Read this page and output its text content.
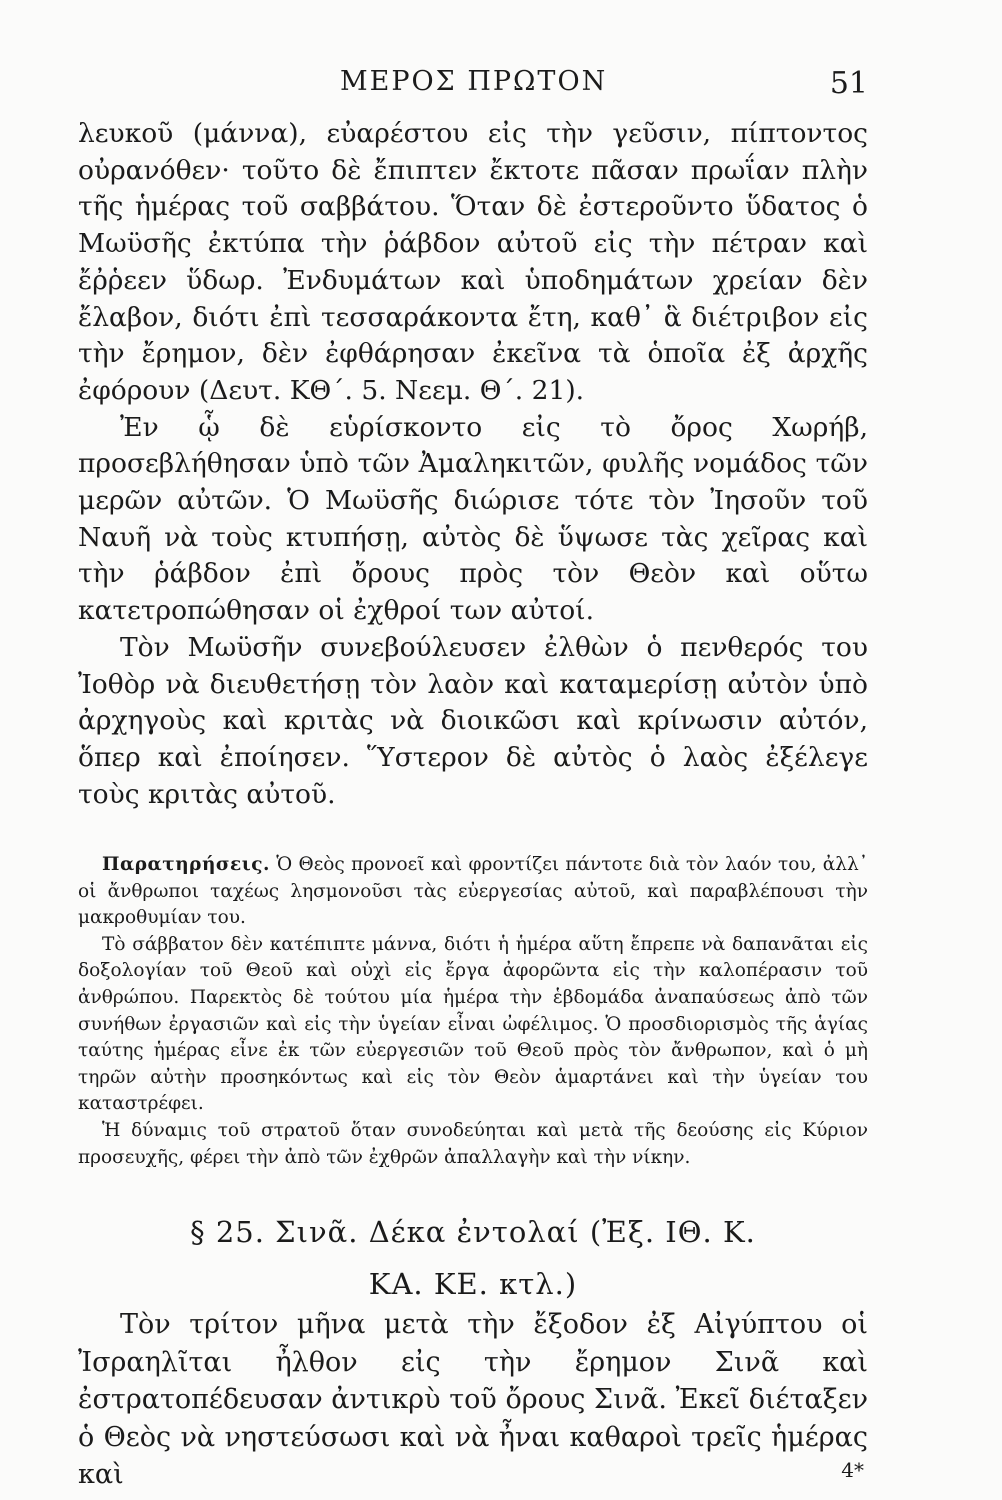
ΜΕΡΟΣ ΠΡΩΤΟΝ	51

λευκοῦ (μάννα), εὐαρέστου εἰς τὴν γεῦσιν, πίπτοντος οὐρανόθεν· τοῦτο δὲ ἔπιπτεν ἔκτοτε πᾶσαν πρωΐαν πλὴν τῆς ἡμέρας τοῦ σαββάτου. Ὅταν δὲ ἐστεροῦντο ὕδατος ὁ Μωϋσῆς ἐκτύπα τὴν ῥάβδον αὐτοῦ εἰς τὴν πέτραν καὶ ἔῤῥεεν ὕδωρ. Ἐνδυμάτων καὶ ὑποδημάτων χρείαν δὲν ἔλαβον, διότι ἐπὶ τεσσαράκοντα ἔτη, καθ᾽ ἃ διέτριβον εἰς τὴν ἔρημον, δὲν ἐφθάρησαν ἐκεῖνα τὰ ὁποῖα ἐξ ἀρχῆς ἐφόρουν (Δευτ. ΚΘ΄. 5. Νεεμ. Θ΄. 21).

Ἐν ᾧ δὲ εὑρίσκοντο εἰς τὸ ὄρος Χωρήβ, προσεβλήθησαν ὑπὸ τῶν Ἀμαληκιτῶν, φυλῆς νομάδος τῶν μερῶν αὐτῶν. Ὁ Μωϋσῆς διώρισε τότε τὸν Ἰησοῦν τοῦ Ναυῆ νὰ τοὺς κτυπήσῃ, αὐτὸς δὲ ὕψωσε τὰς χεῖρας καὶ τὴν ῥάβδον ἐπὶ ὄρους πρὸς τὸν Θεὸν καὶ οὕτω κατετροπώθησαν οἱ ἐχθροί των αὐτοί.

Τὸν Μωϋσῆν συνεβούλευσεν ἐλθὼν ὁ πενθερός του Ἰοθὸρ νὰ διευθετήσῃ τὸν λαὸν καὶ καταμερίσῃ αὐτὸν ὑπὸ ἀρχηγοὺς καὶ κριτὰς νὰ διοικῶσι καὶ κρίνωσιν αὐτόν, ὅπερ καὶ ἐποίησεν. Ὕστερον δὲ αὐτὸς ὁ λαὸς ἐξέλεγε τοὺς κριτὰς αὐτοῦ.

Παρατηρήσεις. Ὁ Θεὸς προνοεῖ καὶ φροντίζει πάντοτε διὰ τὸν λαόν του, ἀλλ᾽ οἱ ἄνθρωποι ταχέως λησμονοῦσι τὰς εὐεργεσίας αὐτοῦ, καὶ παραβλέπουσι τὴν μακροθυμίαν του.

Τὸ σάββατον δὲν κατέπιπτε μάννα, διότι ἡ ἡμέρα αὕτη ἔπρεπε νὰ δαπανᾶται εἰς δοξολογίαν τοῦ Θεοῦ καὶ οὐχὶ εἰς ἔργα ἀφορῶντα εἰς τὴν καλοπέρασιν τοῦ ἀνθρώπου. Παρεκτὸς δὲ τούτου μία ἡμέρα τὴν ἑβδομάδα ἀναπαύσεως ἀπὸ τῶν συνήθων ἐργασιῶν καὶ εἰς τὴν ὑγείαν εἶναι ὠφέλιμος. Ὁ προσδιορισμὸς τῆς ἁγίας ταύτης ἡμέρας εἶνε ἐκ τῶν εὐεργεσιῶν τοῦ Θεοῦ πρὸς τὸν ἄνθρωπον, καὶ ὁ μὴ τηρῶν αὐτὴν προσηκόντως καὶ εἰς τὸν Θεὸν ἁμαρτάνει καὶ τὴν ὑγείαν του καταστρέφει.

Ἡ δύναμις τοῦ στρατοῦ ὅταν συνοδεύηται καὶ μετὰ τῆς δεούσης εἰς Κύριον προσευχῆς, φέρει τὴν ἀπὸ τῶν ἐχθρῶν ἀπαλλαγὴν καὶ τὴν νίκην.

§ 25. Σινᾶ. Δέκα ἐντολαί (Ἐξ. ΙΘ. Κ.
ΚΑ. ΚΕ. κτλ.)

Τὸν τρίτον μῆνα μετὰ τὴν ἔξοδον ἐξ Αἰγύπτου οἱ Ἰσραηλῖται ἦλθον εἰς τὴν ἔρημον Σινᾶ καὶ ἐστρατοπέδευσαν ἀντικρὺ τοῦ ὄρους Σινᾶ. Ἐκεῖ διέταξεν ὁ Θεὸς νὰ νηστεύσωσι καὶ νὰ ἦναι καθαροὶ τρεῖς ἡμέρας καὶ	4*
